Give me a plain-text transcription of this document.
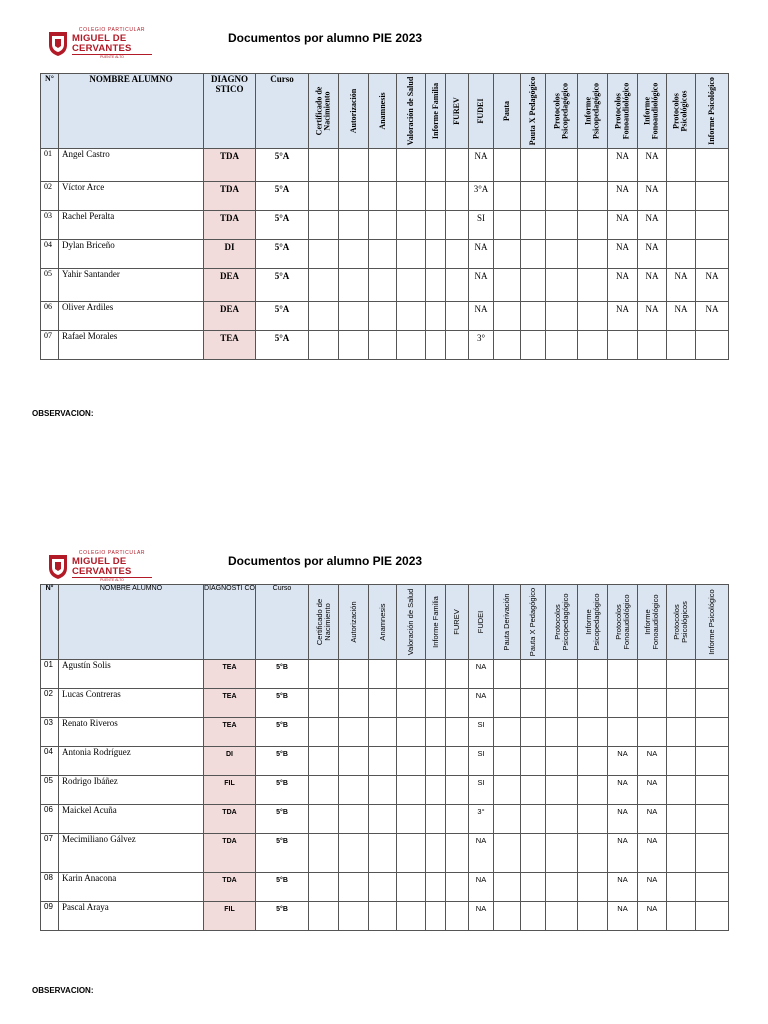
COLEGIO PARTICULAR
MIGUEL DE CERVANTES
PUENTE ALTO
Documentos por alumno PIE 2023
N°	NOMBRE ALUMNO	DIAGNO STICO	Curso	Certificado de Nacimiento	Autorización	Anamnesis	Valoración de Salud	Informe Familia	FUREV	FUDEI	Pauta	Pauta X Pedagógico	Protocolos Psicopedagógico	Informe Psicopedagógico	Protocolos Fonoaudiológico	Informe Fonoaudiológico	Protocolos Psicológicos	Informe Psicológico

01	Angel Castro	TDA	5°A							NA					NA	NA		
02	Víctor Arce	TDA	5°A							3°A					NA	NA		
03	Rachel Peralta	TDA	5°A							SI					NA	NA		
04	Dylan Briceño	DI	5°A							NA					NA	NA		
05	Yahir Santander	DEA	5°A							NA					NA	NA	NA	NA
06	Oliver Ardiles	DEA	5°A							NA					NA	NA	NA	NA
07	Rafael Morales	TEA	5°A							3°								
OBSERVACION:
COLEGIO PARTICULAR
MIGUEL DE CERVANTES
PUENTE ALTO
Documentos por alumno PIE 2023
N°	NOMBRE ALUMNO	DIAGNOSTI CO	Curso	Certificado de Nacimiento	Autorización	Anamnesis	Valoración de Salud	Informe Familia	FUREV	FUDEI	Pauta Derivación	Pauta X Pedagógico	Protocolos Psicopedagógico	Informe Psicopedagógico	Protocolos Fonoaudiológico	Informe Fonoaudiológico	Protocolos Psicológicos	Informe Psicológico

01	Agustín Solis	TEA	5°B							NA								
02	Lucas Contreras	TEA	5°B							NA								
03	Renato Riveros	TEA	5°B							SI								
04	Antonia Rodríguez	DI	5°B							SI					NA	NA		
05	Rodrigo Ibáñez	FIL	5°B							SI					NA	NA		
06	Maickel Acuña	TDA	5°B							3°					NA	NA		
07	Mecimiliano Gálvez	TDA	5°B							NA					NA	NA		
08	Karin Anacona	TDA	5°B							NA					NA	NA		
09	Pascal Araya	FIL	5°B							NA					NA	NA		
OBSERVACION:
